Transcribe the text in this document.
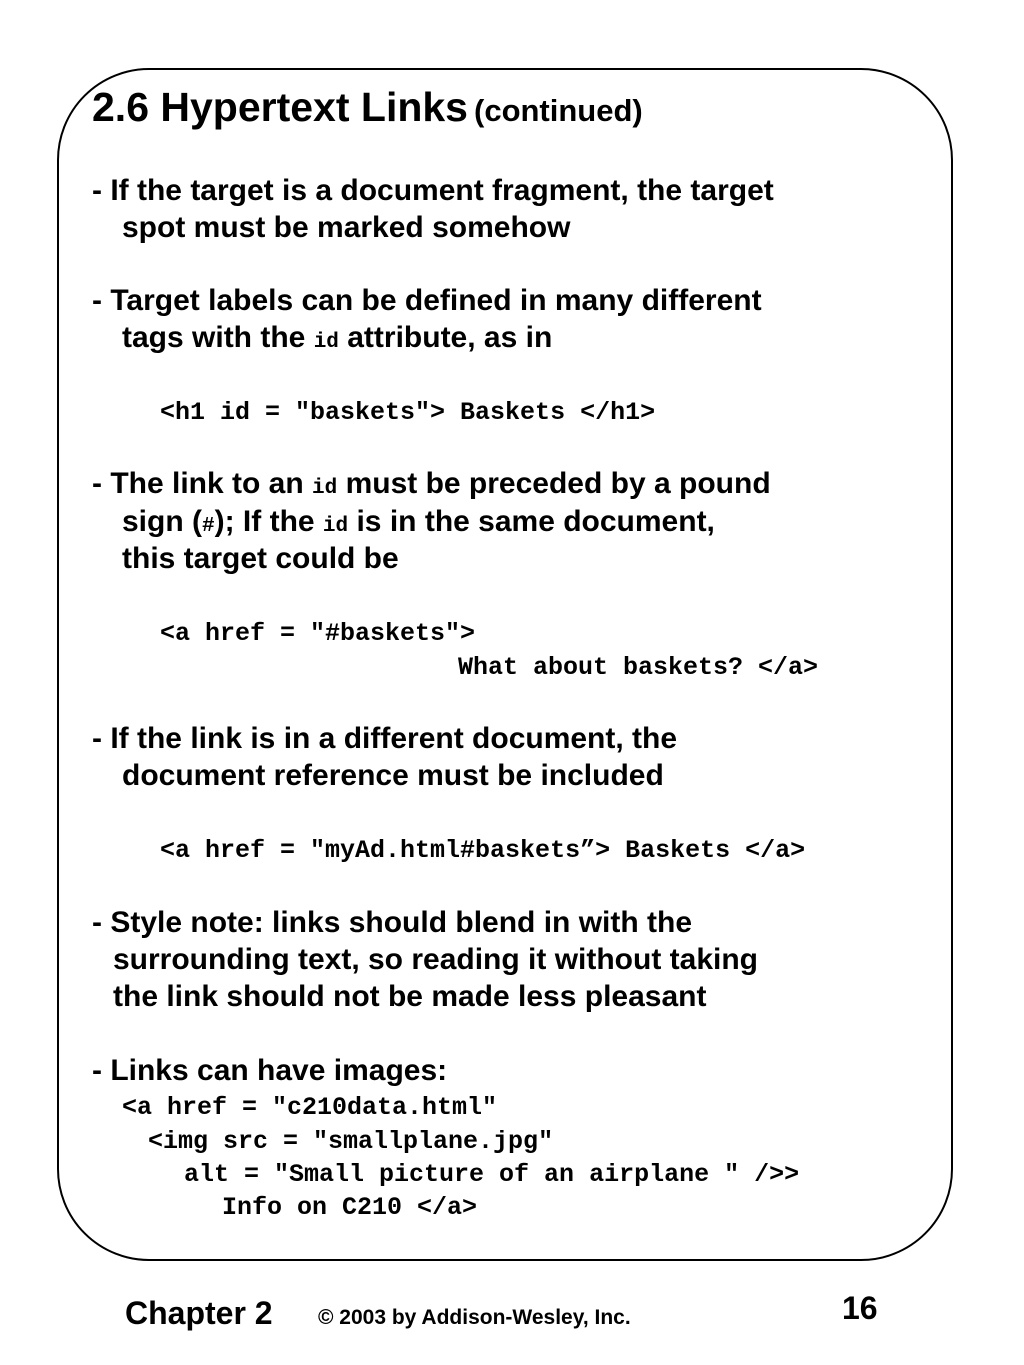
2.6 Hypertext Links (continued)
- If the target is a document fragment, the target
spot must be marked somehow
- Target labels can be defined in many different
tags with the id attribute, as in
<h1 id = "baskets"> Baskets </h1>
- The link to an id must be preceded by a pound
sign (#); If the id is in the same document,
this target could be
<a href = "#baskets">
What about baskets? </a>
- If the link is in a different document, the
document reference must be included
<a href = "myAd.html#baskets”> Baskets </a>
- Style note: links should blend in with the
surrounding text, so reading it without taking
the link should not be made less pleasant
- Links can have images:
<a href = "c210data.html"
<img src = "smallplane.jpg"
alt = "Small picture of an airplane " />>
Info on C210 </a>
Chapter 2 © 2003 by Addison-Wesley, Inc.	16
